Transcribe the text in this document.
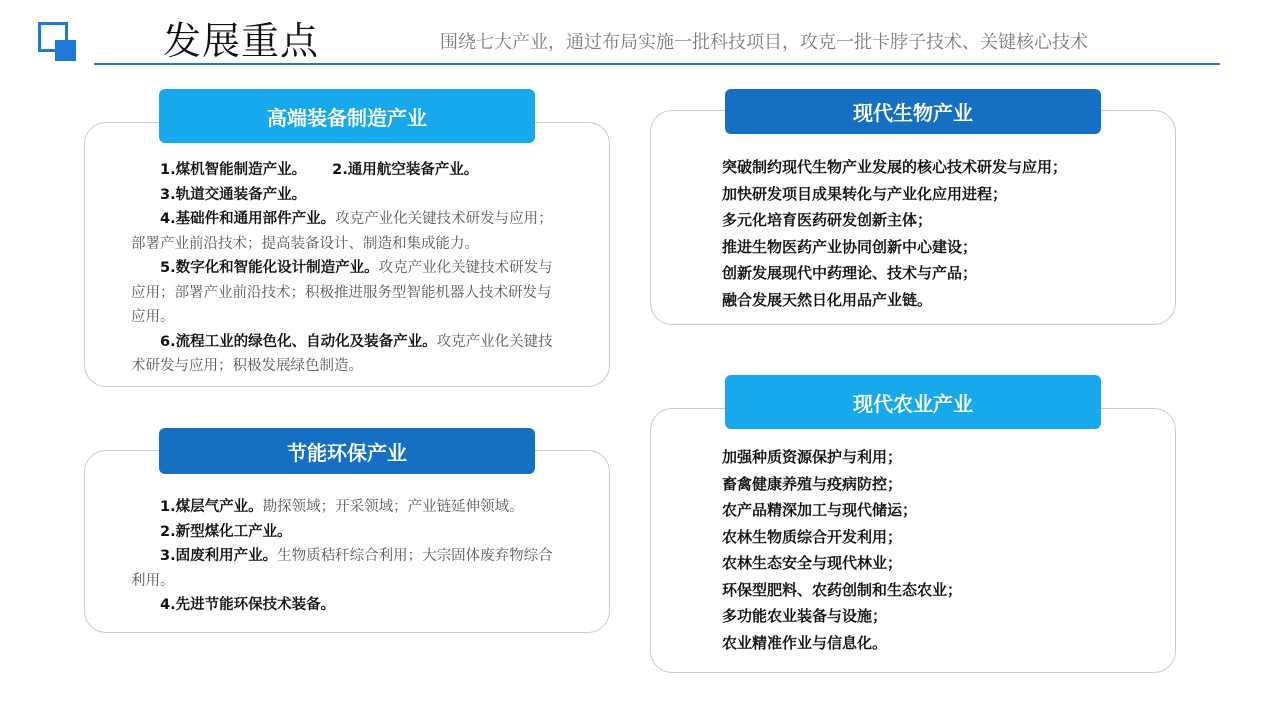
发展重点	围绕七大产业，通过布局实施一批科技项目，攻克一批卡脖子技术、关键核心技术
高端装备制造产业

1.煤机智能制造产业。 2.通用航空装备产业。

3.轨道交通装备产业。

4.基础件和通用部件产业。攻克产业化关键技术研发与应用；部署产业前沿技术；提高装备设计、制造和集成能力。

5.数字化和智能化设计制造产业。攻克产业化关键技术研发与应用；部署产业前沿技术；积极推进服务型智能机器人技术研发与应用。

6.流程工业的绿色化、自动化及装备产业。攻克产业化关键技术研发与应用；积极发展绿色制造。

节能环保产业

1.煤层气产业。勘探领域；开采领域；产业链延伸领域。

2.新型煤化工产业。

3.固废利用产业。生物质秸秆综合利用；大宗固体废弃物综合利用。

4.先进节能环保技术装备。

现代生物产业
突破制约现代生物产业发展的核心技术研发与应用；
加快研发项目成果转化与产业化应用进程；
多元化培育医药研发创新主体；
推进生物医药产业协同创新中心建设；
创新发展现代中药理论、技术与产品；
融合发展天然日化用品产业链。
现代农业产业
加强种质资源保护与利用；
畜禽健康养殖与疫病防控；
农产品精深加工与现代储运；
农林生物质综合开发利用；
农林生态安全与现代林业；
环保型肥料、农药创制和生态农业；
多功能农业装备与设施；
农业精准作业与信息化。
